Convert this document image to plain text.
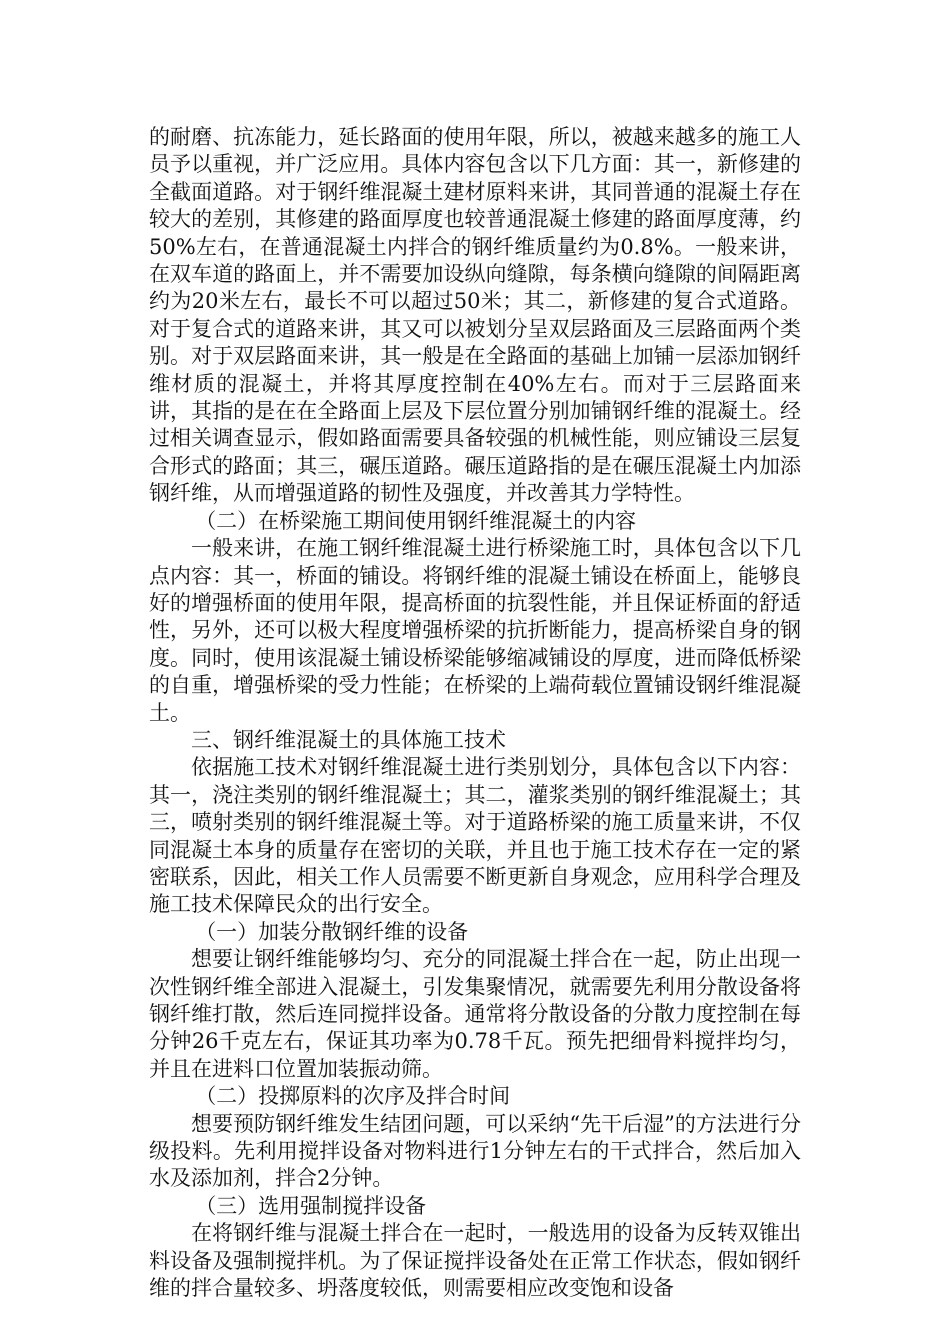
的耐磨、抗冻能力，延长路面的使用年限，所以，被越来越多的施工人员予以重视，并广泛应用。具体内容包含以下几方面：其一，新修建的全截面道路。对于钢纤维混凝土建材原料来讲，其同普通的混凝土存在较大的差别，其修建的路面厚度也较普通混凝土修建的路面厚度薄，约50%左右，在普通混凝土内拌合的钢纤维质量约为0.8%。一般来讲，在双车道的路面上，并不需要加设纵向缝隙，每条横向缝隙的间隔距离约为20米左右，最长不可以超过50米；其二，新修建的复合式道路。对于复合式的道路来讲，其又可以被划分呈双层路面及三层路面两个类别。对于双层路面来讲，其一般是在全路面的基础上加铺一层添加钢纤维材质的混凝土，并将其厚度控制在40%左右。而对于三层路面来讲，其指的是在在全路面上层及下层位置分别加铺钢纤维的混凝土。经过相关调查显示，假如路面需要具备较强的机械性能，则应铺设三层复合形式的路面；其三，碾压道路。碾压道路指的是在碾压混凝土内加添钢纤维，从而增强道路的韧性及强度，并改善其力学特性。

（二）在桥梁施工期间使用钢纤维混凝土的内容

一般来讲，在施工钢纤维混凝土进行桥梁施工时，具体包含以下几点内容：其一，桥面的铺设。将钢纤维的混凝土铺设在桥面上，能够良好的增强桥面的使用年限，提高桥面的抗裂性能，并且保证桥面的舒适性，另外，还可以极大程度增强桥梁的抗折断能力，提高桥梁自身的钢度。同时，使用该混凝土铺设桥梁能够缩减铺设的厚度，进而降低桥梁的自重，增强桥梁的受力性能；在桥梁的上端荷载位置铺设钢纤维混凝土。

三、钢纤维混凝土的具体施工技术

依据施工技术对钢纤维混凝土进行类别划分，具体包含以下内容：其一，浇注类别的钢纤维混凝土；其二，灌浆类别的钢纤维混凝土；其三，喷射类别的钢纤维混凝土等。对于道路桥梁的施工质量来讲，不仅同混凝土本身的质量存在密切的关联，并且也于施工技术存在一定的紧密联系，因此，相关工作人员需要不断更新自身观念，应用科学合理及施工技术保障民众的出行安全。

（一）加装分散钢纤维的设备

想要让钢纤维能够均匀、充分的同混凝土拌合在一起，防止出现一次性钢纤维全部进入混凝土，引发集聚情况，就需要先利用分散设备将钢纤维打散，然后连同搅拌设备。通常将分散设备的分散力度控制在每分钟26千克左右，保证其功率为0.78千瓦。预先把细骨料搅拌均匀，并且在进料口位置加装振动筛。

（二）投掷原料的次序及拌合时间

想要预防钢纤维发生结团问题，可以采纳“先干后湿”的方法进行分级投料。先利用搅拌设备对物料进行1分钟左右的干式拌合，然后加入水及添加剂，拌合2分钟。

（三）选用强制搅拌设备

在将钢纤维与混凝土拌合在一起时，一般选用的设备为反转双锥出料设备及强制搅拌机。为了保证搅拌设备处在正常工作状态，假如钢纤维的拌合量较多、坍落度较低，则需要相应改变饱和设备
